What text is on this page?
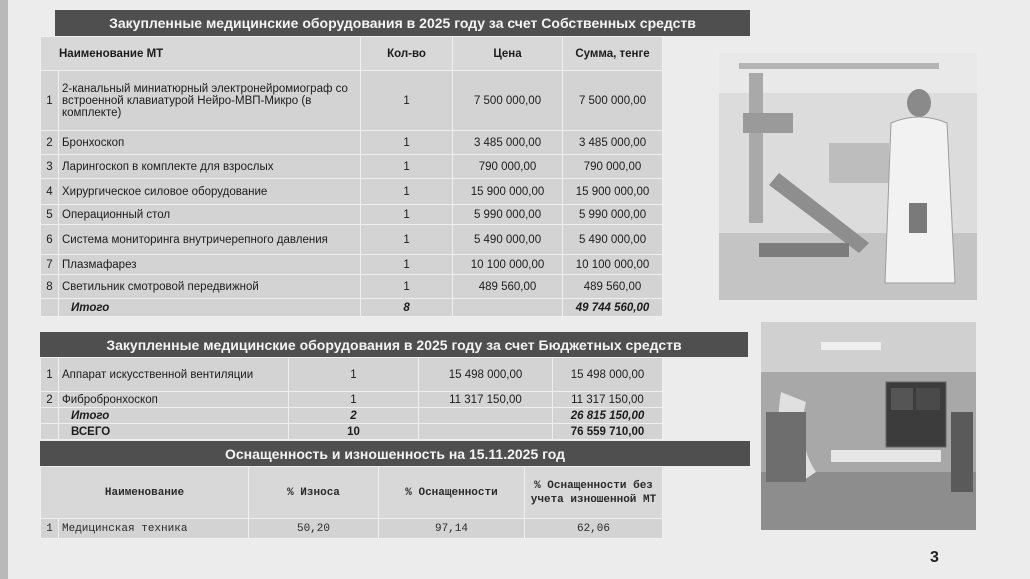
Закупленные медицинские оборудования в 2025 году за счет Собственных средств
Наименование МТ		Кол-во	Цена	Сумма, тенге
1	2-канальный миниатюрный электронейромиограф со встроенной клавиатурой Нейро-МВП-Микро (в комплекте)	1	7 500 000,00	7 500 000,00
2	Бронхоскоп	1	3 485 000,00	3 485 000,00
3	Ларингоскоп в комплекте для взрослых	1	790 000,00	790 000,00
4	Хирургическое силовое оборудование	1	15 900 000,00	15 900 000,00
5	Операционный стол	1	5 990 000,00	5 990 000,00
6	Система мониторинга внутричерепного давления	1	5 490 000,00	5 490 000,00
7	Плазмафарез	1	10 100 000,00	10 100 000,00
8	Светильник смотровой передвижной	1	489 560,00	489 560,00
	Итого	8		49 744 560,00
Закупленные медицинские оборудования в 2025 году за счет Бюджетных средств
1	Аппарат искусственной вентиляции	1	15 498 000,00	15 498 000,00
2	Фибробронхоскоп	1	11 317 150,00	11 317 150,00
	Итого	2		26 815 150,00
	ВСЕГО	10		76 559 710,00
Оснащенность и изношенность на 15.11.2025 год
Наименование		% Износа	% Оснащенности	% Оснащенности без учета изношенной МТ
1	Медицинская техника	50,20	97,14	62,06
3
